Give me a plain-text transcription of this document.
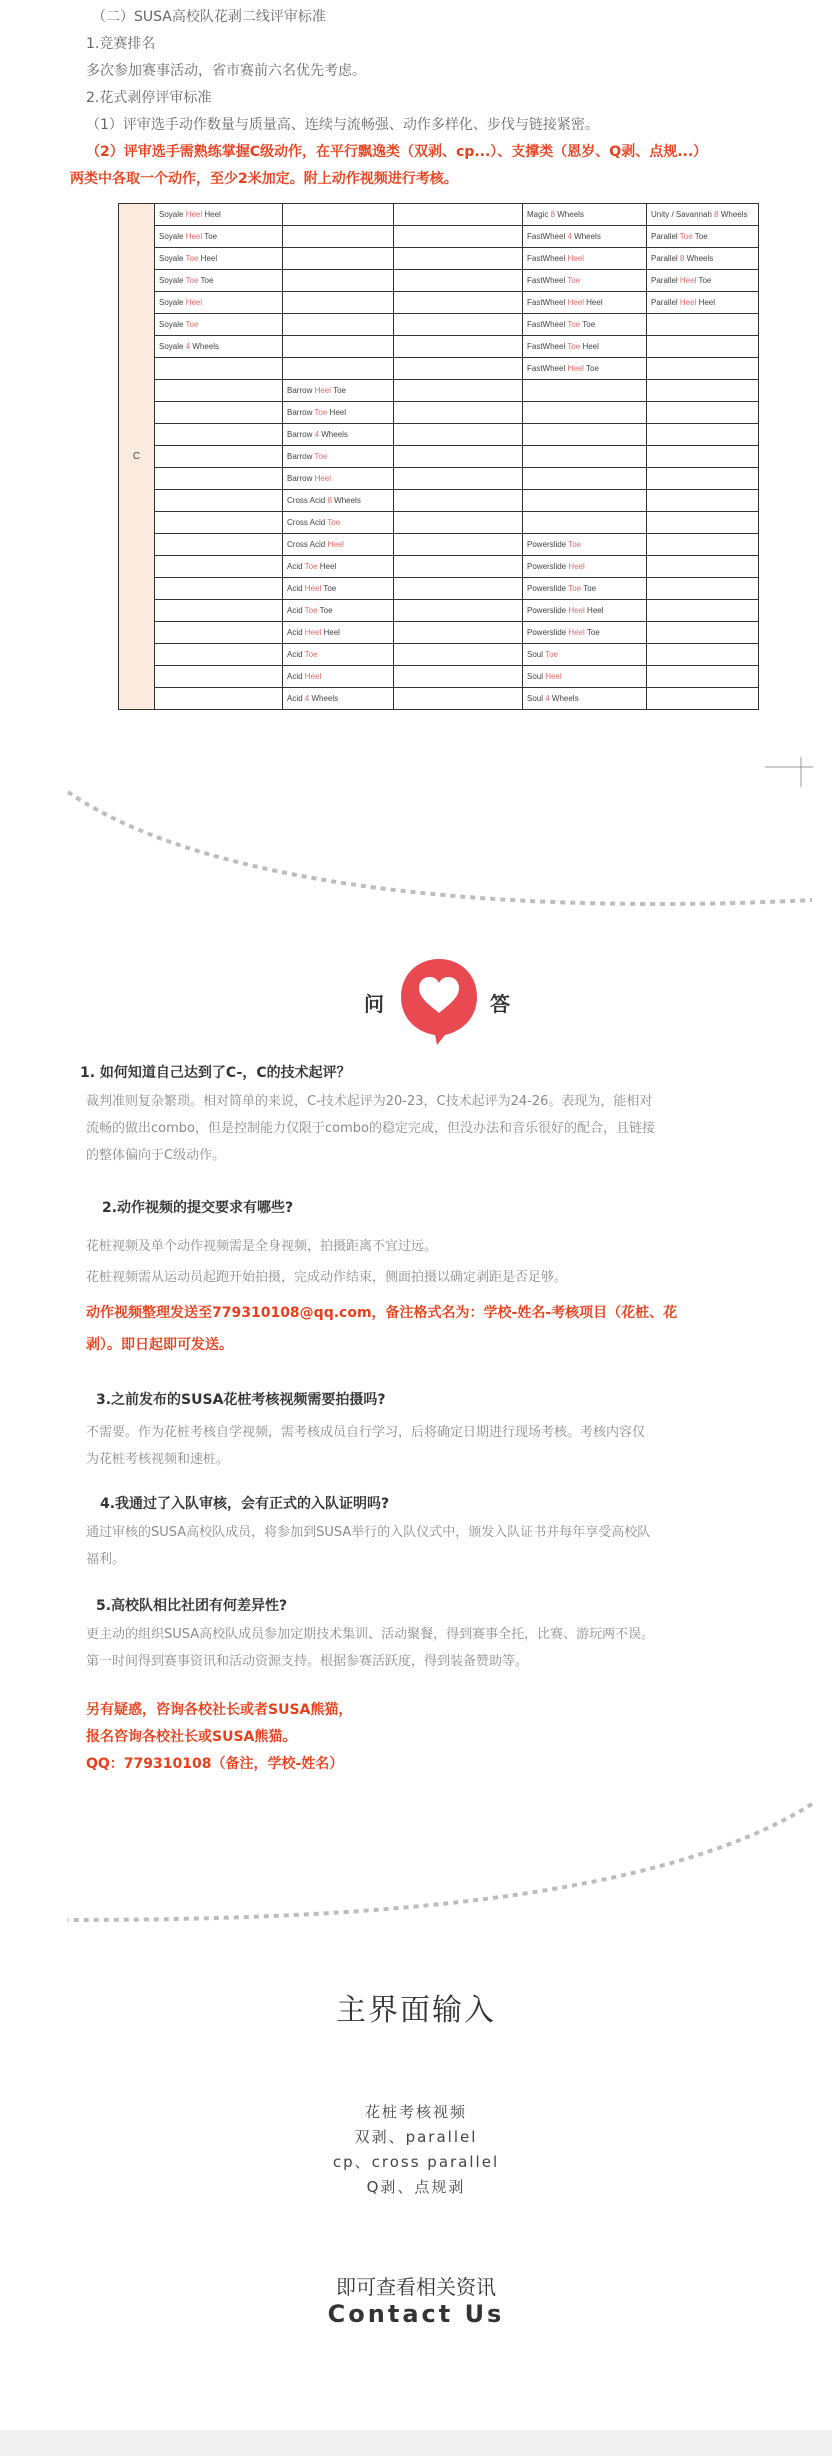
（二）SUSA高校队花剥二线评审标准
1.竞赛排名
多次参加赛事活动，省市赛前六名优先考虑。
2.花式剥停评审标准
（1）评审选手动作数量与质量高、连续与流畅强、动作多样化、步伐与链接紧密。
（2）评审选手需熟练掌握C级动作，在平行飘逸类（双剥、cp...）、支撑类（恩岁、Q剥、点规...）
两类中各取一个动作，至少2米加定。附上动作视频进行考核。
C	Soyale Heel Heel			Magic 8 Wheels	Unity / Savannah 8 Wheels
	Soyale Heel Toe			FastWheel 4 Wheels	Parallel Toe Toe
	Soyale Toe Heel			FastWheel Heel	Parallel 8 Wheels
	Soyale Toe Toe			FastWheel Toe	Parallel Heel Toe
	Soyale Heel			FastWheel Heel Heel	Parallel Heel Heel
	Soyale Toe			FastWheel Toe Toe	
	Soyale 4 Wheels			FastWheel Toe Heel	
				FastWheel Heel Toe	
		Barrow Heel Toe			
		Barrow Toe Heel			
		Barrow 4 Wheels			
		Barrow Toe			
		Barrow Heel			
		Cross Acid 8 Wheels			
		Cross Acid Toe			
		Cross Acid Heel		Powerslide Toe	
		Acid Toe Heel		Powerslide Heel	
		Acid Heel Toe		Powerslide Toe Toe	
		Acid Toe Toe		Powerslide Heel Heel	
		Acid Heel Heel		Powerslide Heel Toe	
		Acid Toe		Soul Toe	
		Acid Heel		Soul Heel	
		Acid 4 Wheels		Soul 4 Wheels	
问	答

1. 如何知道自己达到了C-，C的技术起评？

裁判准则复杂繁琐。相对简单的来说，C-技术起评为20-23，C技术起评为24-26。表现为，能相对

流畅的做出combo，但是控制能力仅限于combo的稳定完成，但没办法和音乐很好的配合，且链接

的整体偏向于C级动作。

2.动作视频的提交要求有哪些?

花桩视频及单个动作视频需是全身视频，拍摄距离不宜过远。

花桩视频需从运动员起跑开始拍摄，完成动作结束，侧面拍摄以确定剥距是否足够。

动作视频整理发送至779310108@qq.com，备注格式名为：学校-姓名-考核项目（花桩、花

剥）。即日起即可发送。

3.之前发布的SUSA花桩考核视频需要拍摄吗?

不需要。作为花桩考核自学视频，需考核成员自行学习，后将确定日期进行现场考核。考核内容仅

为花桩考核视频和速桩。

4.我通过了入队审核，会有正式的入队证明吗?

通过审核的SUSA高校队成员，将参加到SUSA举行的入队仪式中，颁发入队证书并每年享受高校队

福利。

5.高校队相比社团有何差异性?

更主动的组织SUSA高校队成员参加定期技术集训、活动聚餐，得到赛事全托，比赛、游玩两不误。

第一时间得到赛事资讯和活动资源支持。根据参赛活跃度，得到装备赞助等。

另有疑惑，咨询各校社长或者SUSA熊猫，

报名咨询各校社长或SUSA熊猫。

QQ：779310108（备注，学校-姓名）

主界面输入
花桩考核视频
双剥、parallel
cp、cross parallel
Q剥、点规剥
即可查看相关资讯
Contact Us
